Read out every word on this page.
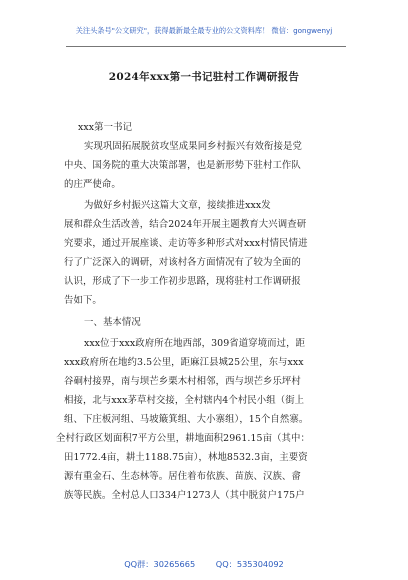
关注头条号"公文研究"，获得最新最全最专业的公文资料库！ 微信：gongwenyj
2024年xxx第一书记驻村工作调研报告
xxx第一书记
实现巩固拓展脱贫攻坚成果同乡村振兴有效衔接是党
中央、国务院的重大决策部署，也是新形势下驻村工作队
的庄严使命。
为做好乡村振兴这篇大文章，接续推进xxx发
展和群众生活改善，结合2024年开展主题教育大兴调查研
究要求，通过开展座谈、走访等多种形式对xxx村情民情进
行了广泛深入的调研，对该村各方面情况有了较为全面的
认识，形成了下一步工作初步思路，现将驻村工作调研报
告如下。
一、基本情况
xxx位于xxx政府所在地西部，309省道穿境而过，距
xxx政府所在地约3.5公里，距麻江县城25公里，东与xxx
谷硐村接界，南与坝芒乡栗木村相邻，西与坝芒乡乐坪村
相接，北与xxx茅草村交接，全村辖内4个村民小组（街上
组、下庄板河组、马坡簸箕组、大小寨组），15个自然寨。
全村行政区划面积7平方公里，耕地面积2961.15亩（其中：
田1772.4亩，耕土1188.75亩），林地8532.3亩，主要资
源有重金石、生态林等。居住着布依族、苗族、汉族、畲
族等民族。全村总人口334户1273人（其中脱贫户175户
QQ群：30265665	QQ：535304092
